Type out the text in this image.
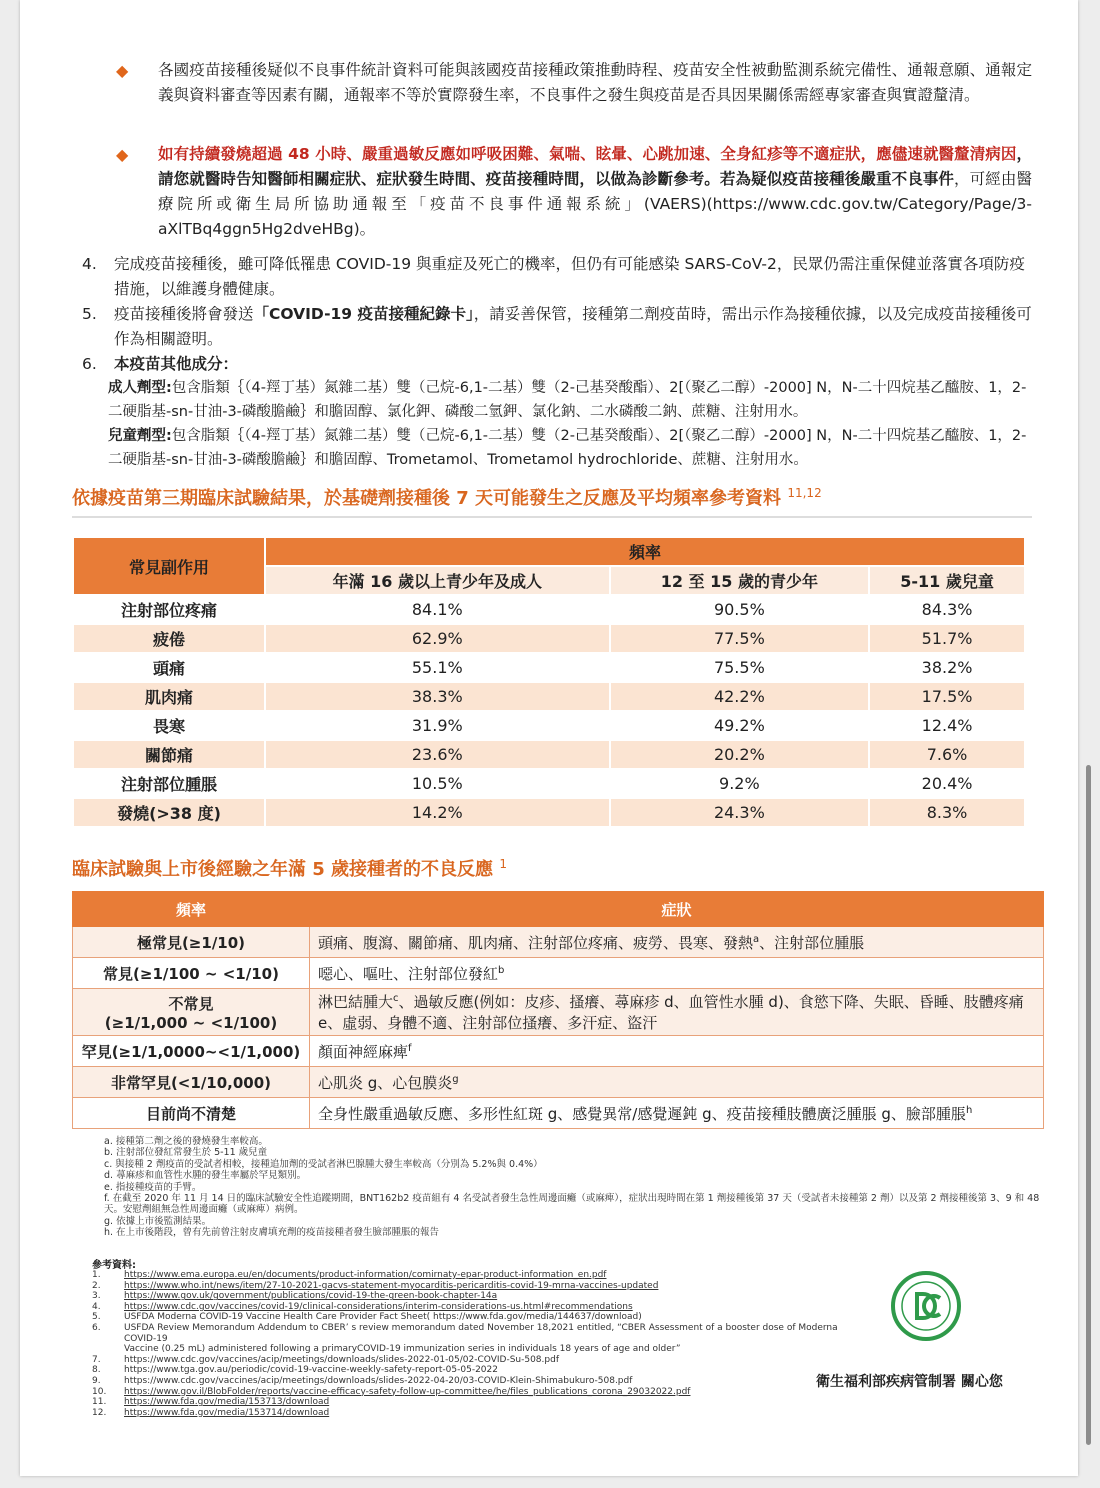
◆ 各國疫苗接種後疑似不良事件統計資料可能與該國疫苗接種政策推動時程、疫苗安全性被動監測系統完備性、通報意願、通報定義與資料審查等因素有關，通報率不等於實際發生率，不良事件之發生與疫苗是否具因果關係需經專家審查與實證釐清。
◆ 如有持續發燒超過 48 小時、嚴重過敏反應如呼吸困難、氣喘、眩暈、心跳加速、全身紅疹等不適症狀，應儘速就醫釐清病因，請您就醫時告知醫師相關症狀、症狀發生時間、疫苗接種時間，以做為診斷參考。若為疑似疫苗接種後嚴重不良事件，可經由醫療院所或衛生局所協助通報至「疫苗不良事件通報系統」(VAERS)(https://www.cdc.gov.tw/Category/Page/3-aXlTBq4ggn5Hg2dveHBg)。
4. 完成疫苗接種後，雖可降低罹患 COVID-19 與重症及死亡的機率，但仍有可能感染 SARS-CoV-2，民眾仍需注重保健並落實各項防疫措施，以維護身體健康。
5. 疫苗接種後將會發送「COVID-19 疫苗接種紀錄卡」，請妥善保管，接種第二劑疫苗時，需出示作為接種依據，以及完成疫苗接種後可作為相關證明。
6. 本疫苗其他成分：
成人劑型:包含脂類｛（4-羥丁基）氮雜二基）雙（己烷-6,1-二基）雙（2-己基癸酸酯）、2[（聚乙二醇）-2000] N，N-二十四烷基乙醯胺、1，2-二硬脂基-sn-甘油-3-磷酸膽鹼｝和膽固醇、氯化鉀、磷酸二氫鉀、氯化鈉、二水磷酸二鈉、蔗糖、注射用水。
兒童劑型:包含脂類｛（4-羥丁基）氮雜二基）雙（己烷-6,1-二基）雙（2-己基癸酸酯）、2[（聚乙二醇）-2000] N，N-二十四烷基乙醯胺、1，2-二硬脂基-sn-甘油-3-磷酸膽鹼｝和膽固醇、Trometamol、Trometamol hydrochloride、蔗糖、注射用水。
依據疫苗第三期臨床試驗結果，於基礎劑接種後 7 天可能發生之反應及平均頻率參考資料 $^{11,12}$
常見副作用	頻率		
	年滿 16 歲以上青少年及成人	12 至 15 歲的青少年	5-11 歲兒童
注射部位疼痛	84.1%	90.5%	84.3%
疲倦	62.9%	77.5%	51.7%
頭痛	55.1%	75.5%	38.2%
肌肉痛	38.3%	42.2%	17.5%
畏寒	31.9%	49.2%	12.4%
關節痛	23.6%	20.2%	7.6%
注射部位腫脹	10.5%	9.2%	20.4%
發燒(>38 度)	14.2%	24.3%	8.3%
臨床試驗與上市後經驗之年滿 5 歲接種者的不良反應 $^1$
頻率	症狀
極常見(≥1/10)	頭痛、腹瀉、關節痛、肌肉痛、注射部位疼痛、疲勞、畏寒、發熱$^a$、注射部位腫脹
常見(≥1/100 ~ <1/10)	噁心、嘔吐、注射部位發紅$^b$

不常見
(≥1/1,000 ~ <1/100)	淋巴結腫大$^c$、過敏反應(例如：皮疹、搔癢、蕁麻疹 d、血管性水腫 d)、食慾下降、失眠、昏睡、肢體疼痛 e、虛弱、身體不適、注射部位搔癢、多汗症、盜汗
罕見(≥1/1,0000~<1/1,000)	顏面神經麻痺$^f$
非常罕見(<1/10,000)	心肌炎 g、心包膜炎$^g$
目前尚不清楚	全身性嚴重過敏反應、多形性紅斑 g、感覺異常/感覺遲鈍 g、疫苗接種肢體廣泛腫脹 g、臉部腫脹$^h$
a. 接種第二劑之後的發燒發生率較高。
b. 注射部位發紅常發生於 5-11 歲兒童
c. 與接種 2 劑疫苗的受試者相較，接種追加劑的受試者淋巴腺腫大發生率較高（分別為 5.2%與 0.4%）
d. 蕁麻疹和血管性水腫的發生率屬於罕見類別。
e. 指接種疫苗的手臂。
f. 在截至 2020 年 11 月 14 日的臨床試驗安全性追蹤期間，BNT162b2 疫苗組有 4 名受試者發生急性周邊面癱（或麻痺），症狀出現時間在第 1 劑接種後第 37 天（受試者未接種第 2 劑）以及第 2 劑接種後第 3、9 和 48 天。安慰劑組無急性周邊面癱（或麻痺）病例。
g. 依據上市後監測結果。
h. 在上市後階段，曾有先前曾注射皮膚填充劑的疫苗接種者發生臉部腫脹的報告
參考資料:
1.	https://www.ema.europa.eu/en/documents/product-information/comirnaty-epar-product-information_en.pdf
2.	https://www.who.int/news/item/27-10-2021-gacvs-statement-myocarditis-pericarditis-covid-19-mrna-vaccines-updated
3.	https://www.gov.uk/government/publications/covid-19-the-green-book-chapter-14a
4.	https://www.cdc.gov/vaccines/covid-19/clinical-considerations/interim-considerations-us.html#recommendations
5.	USFDA Moderna COVID-19 Vaccine Health Care Provider Fact Sheet( https://www.fda.gov/media/144637/download)
6.	USFDA Review Memorandum Addendum to CBER’ s review memorandum dated November 18,2021 entitled, “CBER Assessment of a booster dose of Moderna COVID-19
Vaccine (0.25 mL) administered following a primaryCOVID-19 immunization series in individuals 18 years of age and older”
7.	https://www.cdc.gov/vaccines/acip/meetings/downloads/slides-2022-01-05/02-COVID-Su-508.pdf
8.	https://www.tga.gov.au/periodic/covid-19-vaccine-weekly-safety-report-05-05-2022
9.	https://www.cdc.gov/vaccines/acip/meetings/downloads/slides-2022-04-20/03-COVID-Klein-Shimabukuro-508.pdf
10.	https://www.gov.il/BlobFolder/reports/vaccine-efficacy-safety-follow-up-committee/he/files_publications_corona_29032022.pdf
11.	https://www.fda.gov/media/153713/download
12.	https://www.fda.gov/media/153714/download
衛生福利部疾病管制署 關心您
